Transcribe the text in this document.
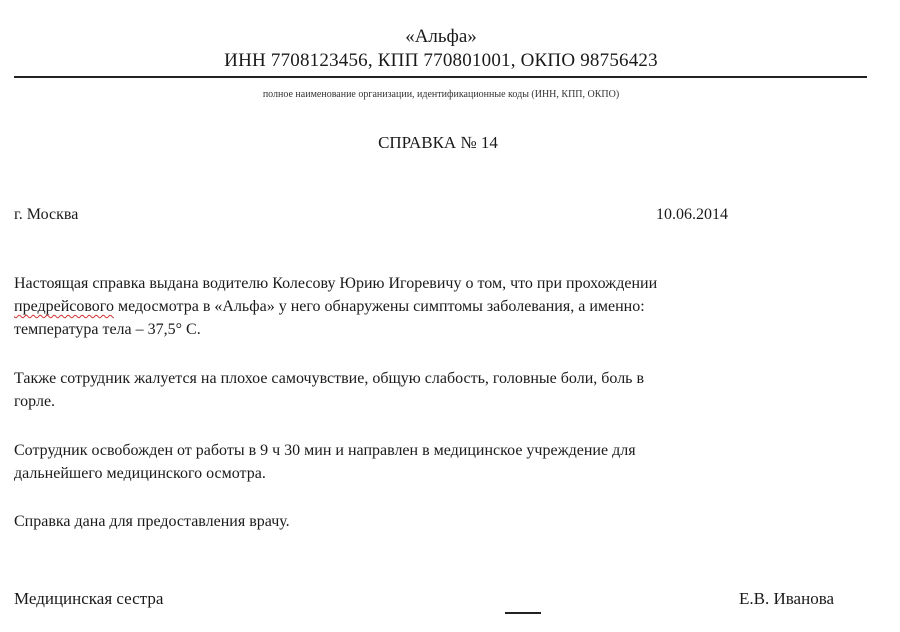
«Альфа»
ИНН 7708123456, КПП 770801001, ОКПО 98756423
полное наименование организации, идентификационные коды (ИНН, КПП, ОКПО)
СПРАВКА № 14
г. Москва	10.06.2014
Настоящая справка выдана водителю Колесову Юрию Игоревичу о том, что при прохождении
предрейсового медосмотра в «Альфа» у него обнаружены симптомы заболевания, а именно:
температура тела – 37,5° С.
Также сотрудник жалуется на плохое самочувствие, общую слабость, головные боли, боль в
горле.
Сотрудник освобожден от работы в 9 ч 30 мин и направлен в медицинское учреждение для
дальнейшего медицинского осмотра.
Справка дана для предоставления врачу.
Медицинская сестра	Е.В. Иванова
